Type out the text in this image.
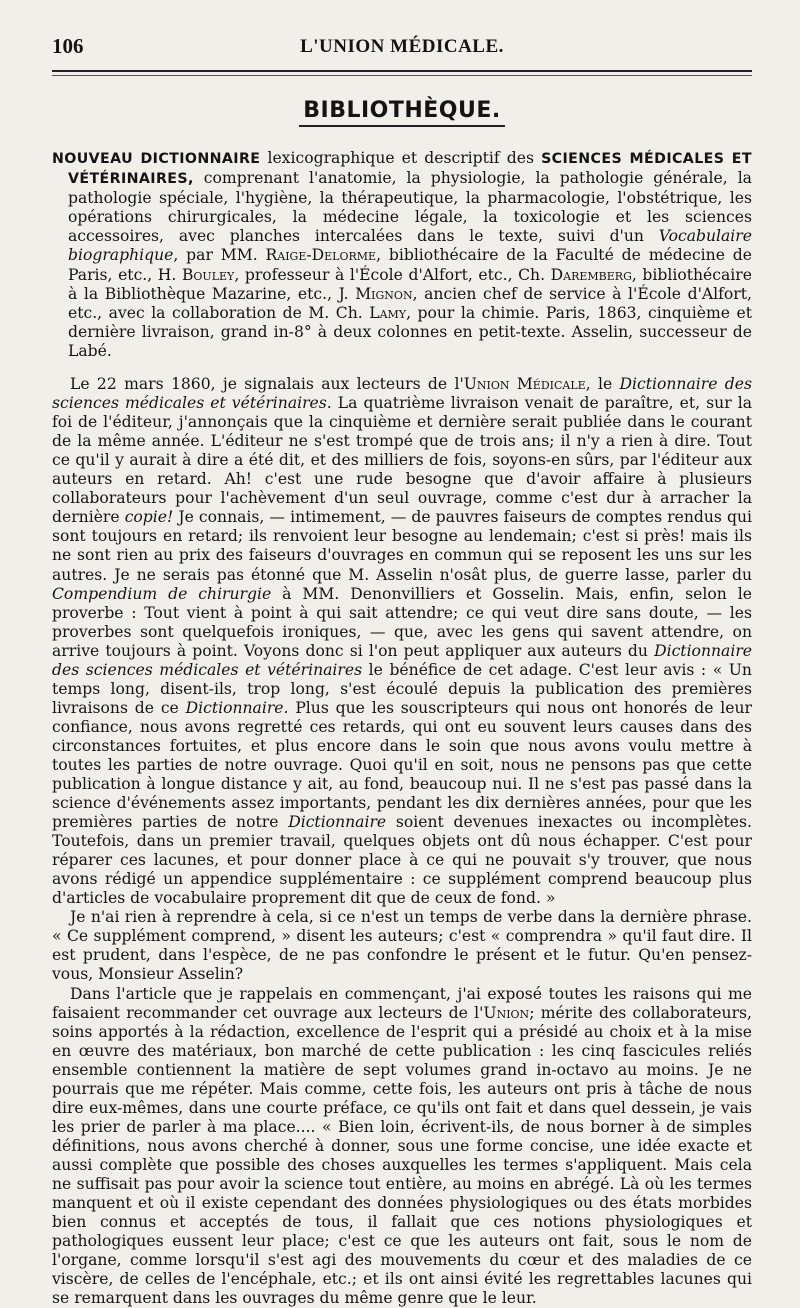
106	L'UNION MÉDICALE.
BIBLIOTHÈQUE.
NOUVEAU DICTIONNAIRE lexicographique et descriptif des SCIENCES MÉDICALES ET VÉTÉRINAIRES, comprenant l'anatomie, la physiologie, la pathologie générale, la pathologie spéciale, l'hygiène, la thérapeutique, la pharmacologie, l'obstétrique, les opérations chirurgicales, la médecine légale, la toxicologie et les sciences accessoires, avec planches intercalées dans le texte, suivi d'un Vocabulaire biographique, par MM. Raige-Delorme, bibliothécaire de la Faculté de médecine de Paris, etc., H. Bouley, professeur à l'École d'Alfort, etc., Ch. Daremberg, bibliothécaire à la Bibliothèque Mazarine, etc., J. Mignon, ancien chef de service à l'École d'Alfort, etc., avec la collaboration de M. Ch. Lamy, pour la chimie. Paris, 1863, cinquième et dernière livraison, grand in-8° à deux colonnes en petit-texte. Asselin, successeur de Labé.

Le 22 mars 1860, je signalais aux lecteurs de l'Union Médicale, le Dictionnaire des sciences médicales et vétérinaires. La quatrième livraison venait de paraître, et, sur la foi de l'éditeur, j'annonçais que la cinquième et dernière serait publiée dans le courant de la même année. L'éditeur ne s'est trompé que de trois ans; il n'y a rien à dire. Tout ce qu'il y aurait à dire a été dit, et des milliers de fois, soyons-en sûrs, par l'éditeur aux auteurs en retard. Ah! c'est une rude besogne que d'avoir affaire à plusieurs collaborateurs pour l'achèvement d'un seul ouvrage, comme c'est dur à arracher la dernière copie! Je connais, — intimement, — de pauvres faiseurs de comptes rendus qui sont toujours en retard; ils renvoient leur besogne au lendemain; c'est si près! mais ils ne sont rien au prix des faiseurs d'ouvrages en commun qui se reposent les uns sur les autres. Je ne serais pas étonné que M. Asselin n'osât plus, de guerre lasse, parler du Compendium de chirurgie à MM. Denonvilliers et Gosselin. Mais, enfin, selon le proverbe : Tout vient à point à qui sait attendre; ce qui veut dire sans doute, — les proverbes sont quelquefois ironiques, — que, avec les gens qui savent attendre, on arrive toujours à point. Voyons donc si l'on peut appliquer aux auteurs du Dictionnaire des sciences médicales et vétérinaires le bénéfice de cet adage. C'est leur avis : « Un temps long, disent-ils, trop long, s'est écoulé depuis la publication des premières livraisons de ce Dictionnaire. Plus que les souscripteurs qui nous ont honorés de leur confiance, nous avons regretté ces retards, qui ont eu souvent leurs causes dans des circonstances fortuites, et plus encore dans le soin que nous avons voulu mettre à toutes les parties de notre ouvrage. Quoi qu'il en soit, nous ne pensons pas que cette publication à longue distance y ait, au fond, beaucoup nui. Il ne s'est pas passé dans la science d'événements assez importants, pendant les dix dernières années, pour que les premières parties de notre Dictionnaire soient devenues inexactes ou incomplètes. Toutefois, dans un premier travail, quelques objets ont dû nous échapper. C'est pour réparer ces lacunes, et pour donner place à ce qui ne pouvait s'y trouver, que nous avons rédigé un appendice supplémentaire : ce supplément comprend beaucoup plus d'articles de vocabulaire proprement dit que de ceux de fond. »

Je n'ai rien à reprendre à cela, si ce n'est un temps de verbe dans la dernière phrase. « Ce supplément comprend, » disent les auteurs; c'est « comprendra » qu'il faut dire. Il est prudent, dans l'espèce, de ne pas confondre le présent et le futur. Qu'en pensez-vous, Monsieur Asselin?

Dans l'article que je rappelais en commençant, j'ai exposé toutes les raisons qui me faisaient recommander cet ouvrage aux lecteurs de l'Union; mérite des collaborateurs, soins apportés à la rédaction, excellence de l'esprit qui a présidé au choix et à la mise en œuvre des matériaux, bon marché de cette publication : les cinq fascicules reliés ensemble contiennent la matière de sept volumes grand in-octavo au moins. Je ne pourrais que me répéter. Mais comme, cette fois, les auteurs ont pris à tâche de nous dire eux-mêmes, dans une courte préface, ce qu'ils ont fait et dans quel dessein, je vais les prier de parler à ma place.... « Bien loin, écrivent-ils, de nous borner à de simples définitions, nous avons cherché à donner, sous une forme concise, une idée exacte et aussi complète que possible des choses auxquelles les termes s'appliquent. Mais cela ne suffisait pas pour avoir la science tout entière, au moins en abrégé. Là où les termes manquent et où il existe cependant des données physiologiques ou des états morbides bien connus et acceptés de tous, il fallait que ces notions physiologiques et pathologiques eussent leur place; c'est ce que les auteurs ont fait, sous le nom de l'organe, comme lorsqu'il s'est agi des mouvements du cœur et des maladies de ce viscère, de celles de l'encéphale, etc.; et ils ont ainsi évité les regrettables lacunes qui se remarquent dans les ouvrages du même genre que le leur.
